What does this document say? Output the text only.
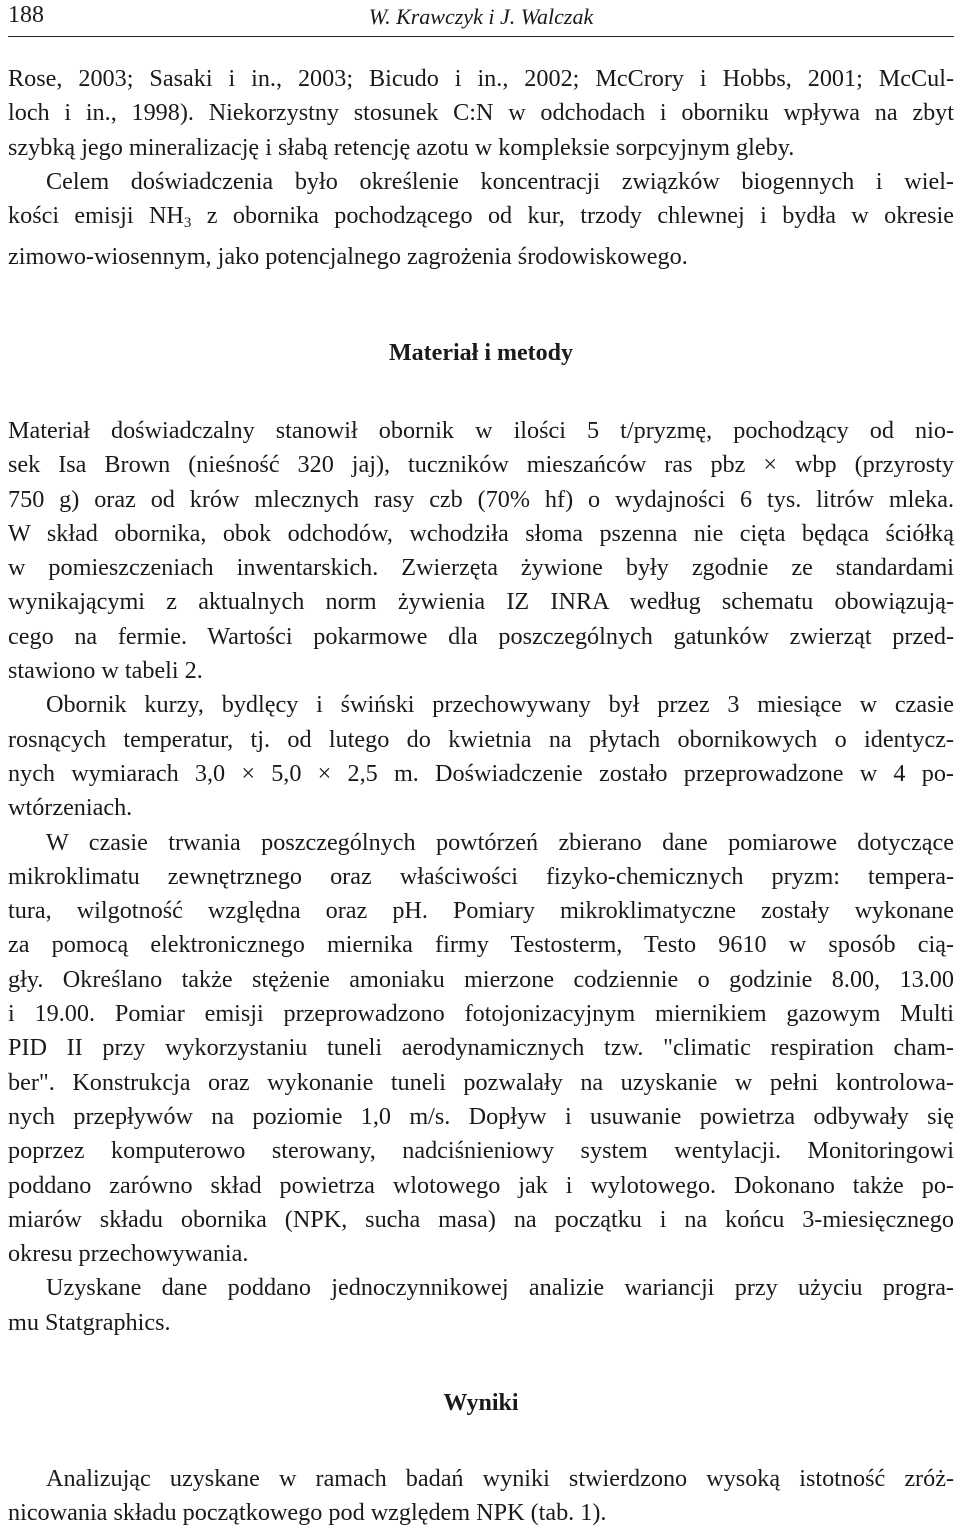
188	W. Krawczyk i J. Walczak

Rose, 2003; Sasaki i in., 2003; Bicudo i in., 2002; McCrory i Hobbs, 2001; McCul-
loch i in., 1998). Niekorzystny stosunek C:N w odchodach i oborniku wpływa na zbyt
szybką jego mineralizację i słabą retencję azotu w kompleksie sorpcyjnym gleby.

Celem doświadczenia było określenie koncentracji związków biogennych i wiel-
kości emisji $NH_3$ z obornika pochodzącego od kur, trzody chlewnej i bydła w okresie
zimowo-wiosennym, jako potencjalnego zagrożenia środowiskowego.

Materiał i metody

Materiał doświadczalny stanowił obornik w ilości 5 t/pryzmę, pochodzący od nio-
sek Isa Brown (nieśność 320 jaj), tuczników mieszańców ras pbz × wbp (przyrosty
750 g) oraz od krów mlecznych rasy czb (70% hf) o wydajności 6 tys. litrów mleka.
W skład obornika, obok odchodów, wchodziła słoma pszenna nie cięta będąca ściółką
w pomieszczeniach inwentarskich. Zwierzęta żywione były zgodnie ze standardami
wynikającymi z aktualnych norm żywienia IZ INRA według schematu obowiązują-
cego na fermie. Wartości pokarmowe dla poszczególnych gatunków zwierząt przed-
stawiono w tabeli 2.

Obornik kurzy, bydlęcy i świński przechowywany był przez 3 miesiące w czasie
rosnących temperatur, tj. od lutego do kwietnia na płytach obornikowych o identycz-
nych wymiarach 3,0 × 5,0 × 2,5 m. Doświadczenie zostało przeprowadzone w 4 po-
wtórzeniach.

W czasie trwania poszczególnych powtórzeń zbierano dane pomiarowe dotyczące
mikroklimatu zewnętrznego oraz właściwości fizyko-chemicznych pryzm: tempera-
tura, wilgotność względna oraz pH. Pomiary mikroklimatyczne zostały wykonane
za pomocą elektronicznego miernika firmy Testosterm, Testo 9610 w sposób cią-
gły. Określano także stężenie amoniaku mierzone codziennie o godzinie 8.00, 13.00
i 19.00. Pomiar emisji przeprowadzono fotojonizacyjnym miernikiem gazowym Multi
PID II przy wykorzystaniu tuneli aerodynamicznych tzw. "climatic respiration cham-
ber". Konstrukcja oraz wykonanie tuneli pozwalały na uzyskanie w pełni kontrolowa-
nych przepływów na poziomie 1,0 m/s. Dopływ i usuwanie powietrza odbywały się
poprzez komputerowo sterowany, nadciśnieniowy system wentylacji. Monitoringowi
poddano zarówno skład powietrza wlotowego jak i wylotowego. Dokonano także po-
miarów składu obornika (NPK, sucha masa) na początku i na końcu 3-miesięcznego
okresu przechowywania.

Uzyskane dane poddano jednoczynnikowej analizie wariancji przy użyciu progra-
mu Statgraphics.

Wyniki

Analizując uzyskane w ramach badań wyniki stwierdzono wysoką istotność zróż-
nicowania składu początkowego pod względem NPK (tab. 1).
